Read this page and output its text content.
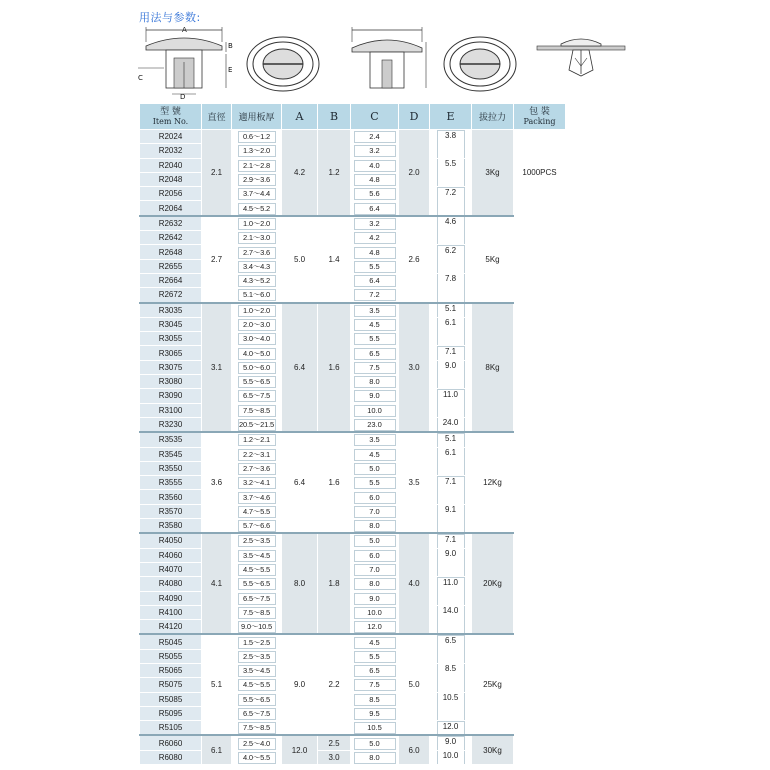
用法与参数:
A
B
E
C
D
型 號
Item No.	直徑	適用板厚	A	B	C	D	E	拔拉力	包 裝
Packing

R2024	2.1	0.6～1.2	4.2	1.2	2.4	2.0	3.8	3Kg	1000PCS
R2032		1.3～2.0			3.2				
R2040		2.1～2.8			4.0		5.5		
R2048		2.9～3.6			4.8				
R2056		3.7～4.4			5.6		7.2		
R2064		4.5～5.2			6.4				
R2632	2.7	1.0～2.0	5.0	1.4	3.2	2.6	4.6	5Kg	
R2642		2.1～3.0			4.2				
R2648		2.7～3.6			4.8		6.2		
R2655		3.4～4.3			5.5				
R2664		4.3～5.2			6.4		7.8		
R2672		5.1～6.0			7.2				
R3035	3.1	1.0～2.0	6.4	1.6	3.5	3.0	5.1	8Kg	
R3045		2.0～3.0			4.5		6.1		
R3055		3.0～4.0			5.5				
R3065		4.0～5.0			6.5		7.1		
R3075		5.0～6.0			7.5		9.0		
R3080		5.5～6.5			8.0				
R3090		6.5～7.5			9.0		11.0		
R3100		7.5～8.5			10.0				
R3230		20.5～21.5			23.0		24.0		
R3535	3.6	1.2～2.1	6.4	1.6	3.5	3.5	5.1	12Kg	
R3545		2.2～3.1			4.5		6.1		
R3550		2.7～3.6			5.0				
R3555		3.2～4.1			5.5		7.1		
R3560		3.7～4.6			6.0				
R3570		4.7～5.5			7.0		9.1		
R3580		5.7～6.6			8.0				
R4050	4.1	2.5～3.5	8.0	1.8	5.0	4.0	7.1	20Kg	
R4060		3.5～4.5			6.0		9.0		
R4070		4.5～5.5			7.0				
R4080		5.5～6.5			8.0		11.0		
R4090		6.5～7.5			9.0				
R4100		7.5～8.5			10.0		14.0		
R4120		9.0～10.5			12.0				
R5045	5.1	1.5～2.5	9.0	2.2	4.5	5.0	6.5	25Kg	
R5055		2.5～3.5			5.5				
R5065		3.5～4.5			6.5		8.5		
R5075		4.5～5.5			7.5				
R5085		5.5～6.5			8.5		10.5		
R5095		6.5～7.5			9.5				
R5105		7.5～8.5			10.5		12.0		
R6060	6.1	2.5～4.0	12.0	2.5	5.0	6.0	9.0	30Kg	
R6080		4.0～5.5		3.0	8.0		10.0		
